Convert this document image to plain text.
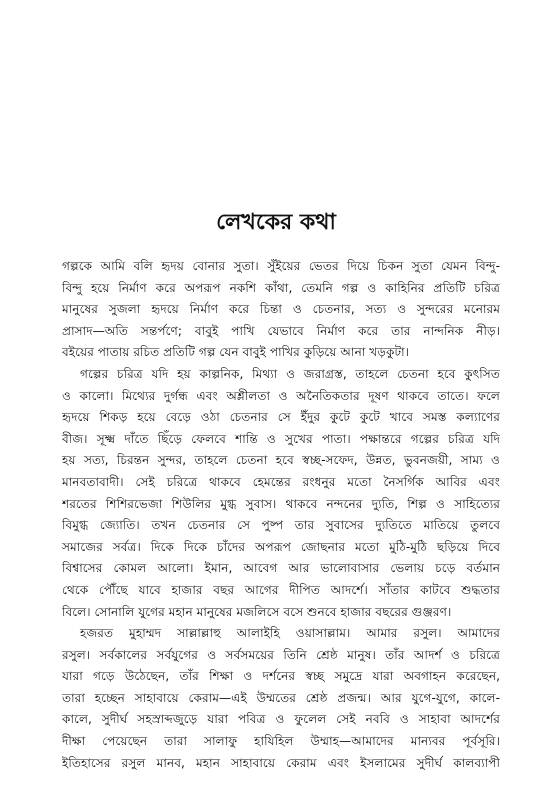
লেখকের কথা
গল্পকে আমি বলি হৃদয় বোনার সুতা। সুঁইয়ের ভেতর দিয়ে চিকন সুতা যেমন বিন্দু-
বিন্দু হয়ে নির্মাণ করে অপরূপ নকশি কাঁথা, তেমনি গল্প ও কাহিনির প্রতিটি চরিত্র
মানুষের সুজলা হৃদয়ে নির্মাণ করে চিন্তা ও চেতনার, সত্য ও সুন্দরের মনোরম
প্রাসাদ—অতি সন্তর্পণে; বাবুই পাখি যেভাবে নির্মাণ করে তার নান্দনিক নীড়।
বইয়ের পাতায় রচিত প্রতিটি গল্প যেন বাবুই পাখির কুড়িয়ে আনা খড়কুটা।
গল্পের চরিত্র যদি হয় কাল্পনিক, মিথ্যা ও জরাগ্রস্ত, তাহলে চেতনা হবে কুৎসিত
ও কালো। মিথ্যের দুর্গন্ধ এবং অশ্লীলতা ও অনৈতিকতার দূষণ থাকবে তাতে। ফলে
হৃদয়ে শিকড় হয়ে বেড়ে ওঠা চেতনার সে ইঁদুর কুটে কুটে খাবে সমস্ত কল্যাণের
বীজ। সূক্ষ্ম দাঁতে ছিঁড়ে ফেলবে শান্তি ও সুখের পাতা। পক্ষান্তরে গল্পের চরিত্র যদি
হয় সত্য, চিরন্তন সুন্দর, তাহলে চেতনা হবে স্বচ্ছ-সফেদ, উন্নত, ভুবনজয়ী, সাম্য ও
মানবতাবাদী। সেই চরিত্রে থাকবে হেমন্তের রংধনুর মতো নৈসর্গিক আবির এবং
শরতের শিশিরভেজা শিউলির মুগ্ধ সুবাস। থাকবে নন্দনের দ্যুতি, শিল্প ও সাহিত্যের
বিমুগ্ধ জ্যোতি। তখন চেতনার সে পুষ্প তার সুবাসের দ্যুতিতে মাতিয়ে তুলবে
সমাজের সর্বত্র। দিকে দিকে চাঁদের অপরূপ জোছনার মতো মুঠি-মুঠি ছড়িয়ে দিবে
বিশ্বাসের কোমল আলো। ইমান, আবেগ আর ভালোবাসার ভেলায় চড়ে বর্তমান
থেকে পৌঁছে যাবে হাজার বছর আগের দীপিত আদর্শে। সাঁতার কাটবে শুদ্ধতার
বিলে। সোনালি যুগের মহান মানুষের মজলিসে বসে শুনবে হাজার বছরের গুঞ্জরণ।
হজরত মুহাম্মদ সাল্লাল্লাহু আলাইহি ওয়াসাল্লাম। আমার রসুল। আমাদের
রসুল। সর্বকালের সর্বযুগের ও সর্বসময়ের তিনি শ্রেষ্ঠ মানুষ। তাঁর আদর্শ ও চরিত্রে
যারা গড়ে উঠেছেন, তাঁর শিক্ষা ও দর্শনের স্বচ্ছ সমুদ্রে যারা অবগাহন করেছেন,
তারা হচ্ছেন সাহাবায়ে কেরাম—এই উম্মতের শ্রেষ্ঠ প্রজন্ম। আর যুগে-যুগে, কালে-
কালে, সুদীর্ঘ সহস্রাব্দজুড়ে যারা পবিত্র ও ফুলেল সেই নববি ও সাহাবা আদর্শের
দীক্ষা পেয়েছেন তারা সালাফু হাযিহিল উম্মাহ—আমাদের মান্যবর পূর্বসূরি।
ইতিহাসের রসুল মানব, মহান সাহাবায়ে কেরাম এবং ইসলামের সুদীর্ঘ কালব্যাপী
